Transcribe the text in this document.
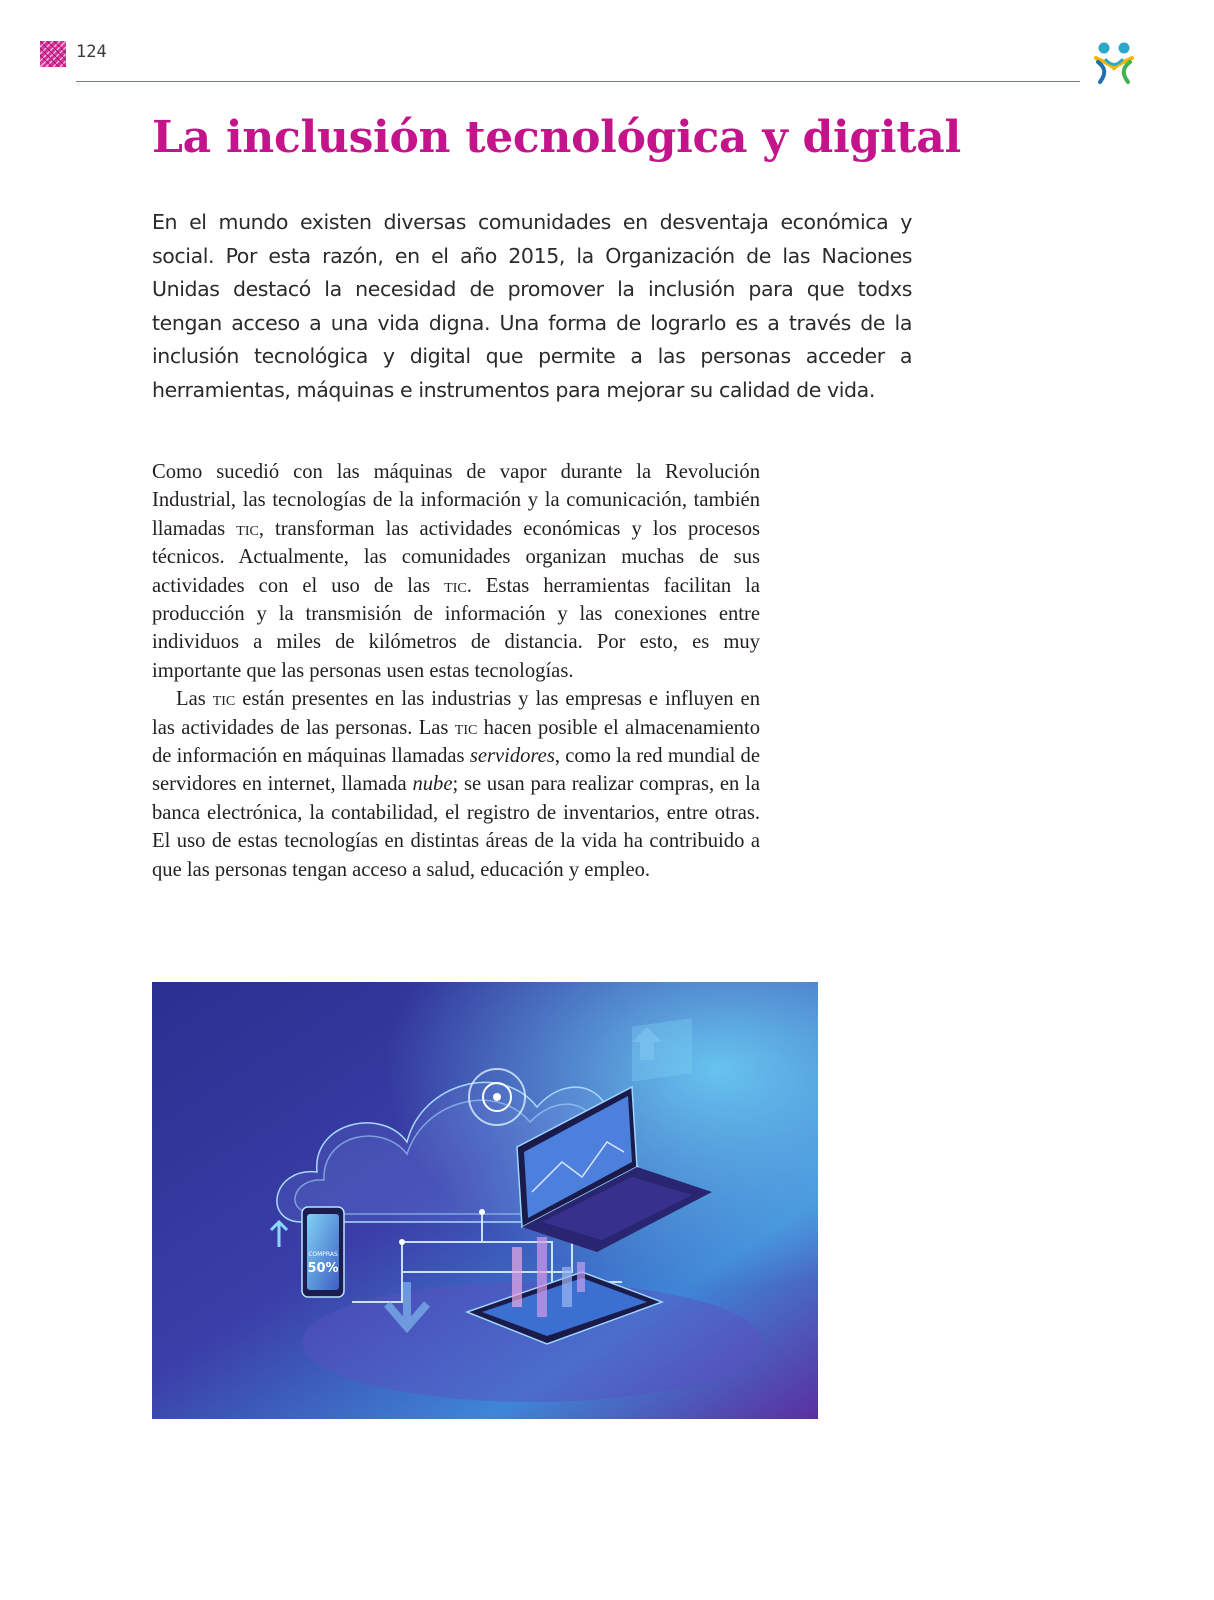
124
La inclusión tecnológica y digital

En el mundo existen diversas comunidades en desventaja económica y social. Por esta razón, en el año 2015, la Organización de las Naciones Unidas destacó la necesidad de promover la inclusión para que todxs tengan acceso a una vida digna. Una forma de lograrlo es a través de la inclusión tecnológica y digital que permite a las personas acceder a herramientas, máquinas e instrumentos para mejorar su calidad de vida.

Como sucedió con las máquinas de vapor durante la Revolución Industrial, las tecnologías de la información y la comunicación, también llamadas tic, transforman las actividades económicas y los procesos técnicos. Actualmente, las comunidades organizan muchas de sus actividades con el uso de las tic. Estas herramientas facilitan la producción y la transmisión de información y las conexiones entre individuos a miles de kilómetros de distancia. Por esto, es muy importante que las personas usen estas tecnologías.

Las tic están presentes en las industrias y las empresas e influyen en las actividades de las personas. Las tic hacen posible el almacenamiento de información en máquinas llamadas servidores, como la red mundial de servidores en internet, llamada nube; se usan para realizar compras, en la banca electrónica, la contabilidad, el registro de inventarios, entre otras. El uso de estas tecnologías en distintas áreas de la vida ha contribuido a que las personas tengan acceso a salud, educación y empleo.

COMPRAS
50%
